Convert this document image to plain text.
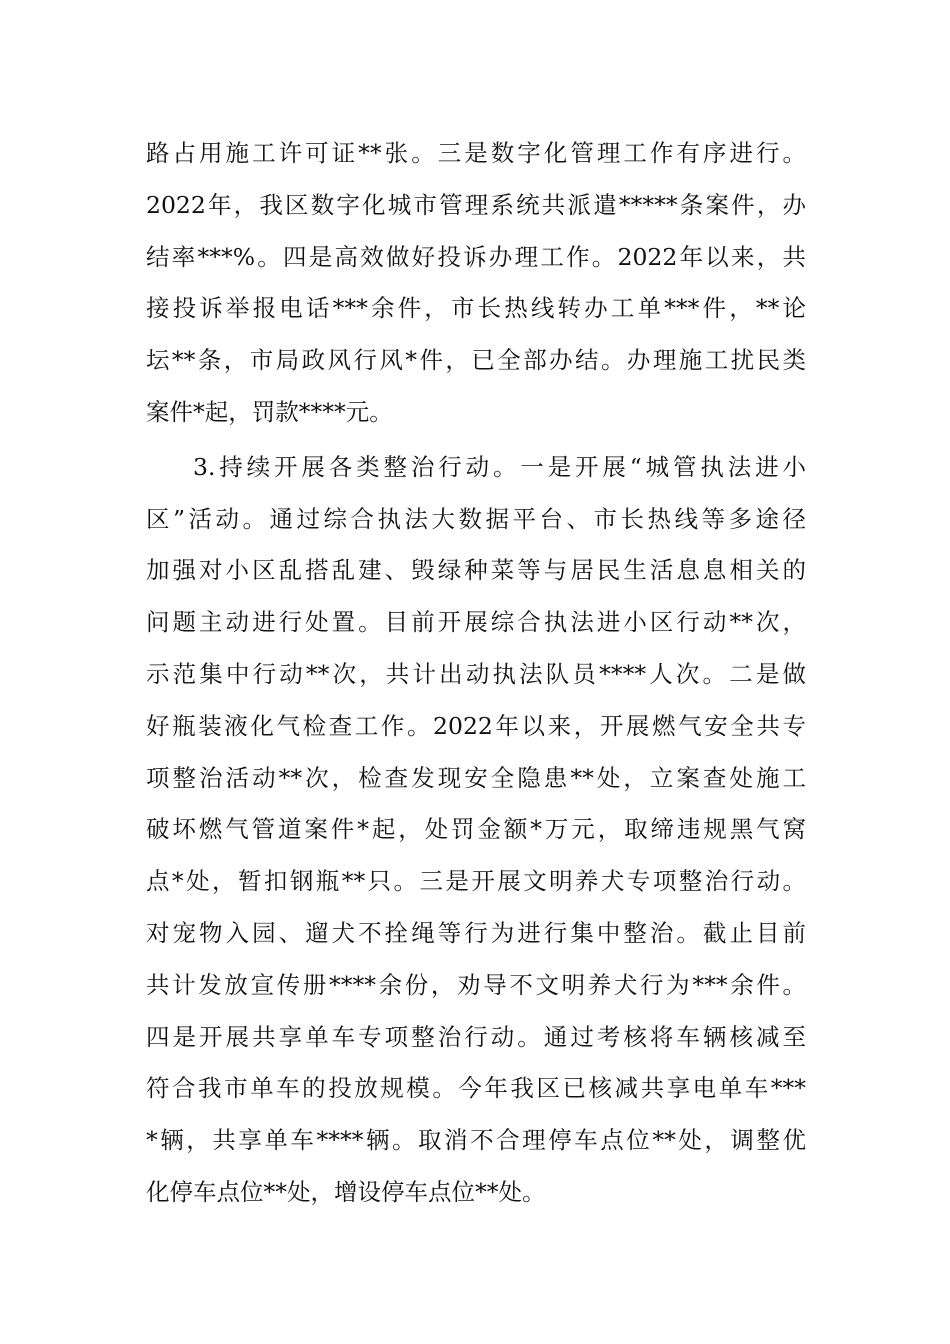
路占用施工许可证**张。三是数字化管理工作有序进行。
2022年，我区数字化城市管理系统共派遣*****条案件，办
结率***%。四是高效做好投诉办理工作。2022年以来，共
接投诉举报电话***余件，市长热线转办工单***件，**论
坛**条，市局政风行风*件，已全部办结。办理施工扰民类
案件*起，罚款****元。
3.持续开展各类整治行动。一是开展“城管执法进小
区”活动。通过综合执法大数据平台、市长热线等多途径
加强对小区乱搭乱建、毁绿种菜等与居民生活息息相关的
问题主动进行处置。目前开展综合执法进小区行动**次，
示范集中行动**次，共计出动执法队员****人次。二是做
好瓶装液化气检查工作。2022年以来，开展燃气安全共专
项整治活动**次，检查发现安全隐患**处，立案查处施工
破坏燃气管道案件*起，处罚金额*万元，取缔违规黑气窝
点*处，暂扣钢瓶**只。三是开展文明养犬专项整治行动。
对宠物入园、遛犬不拴绳等行为进行集中整治。截止目前
共计发放宣传册****余份，劝导不文明养犬行为***余件。
四是开展共享单车专项整治行动。通过考核将车辆核减至
符合我市单车的投放规模。今年我区已核减共享电单车***
*辆，共享单车****辆。取消不合理停车点位**处，调整优
化停车点位**处，增设停车点位**处。
